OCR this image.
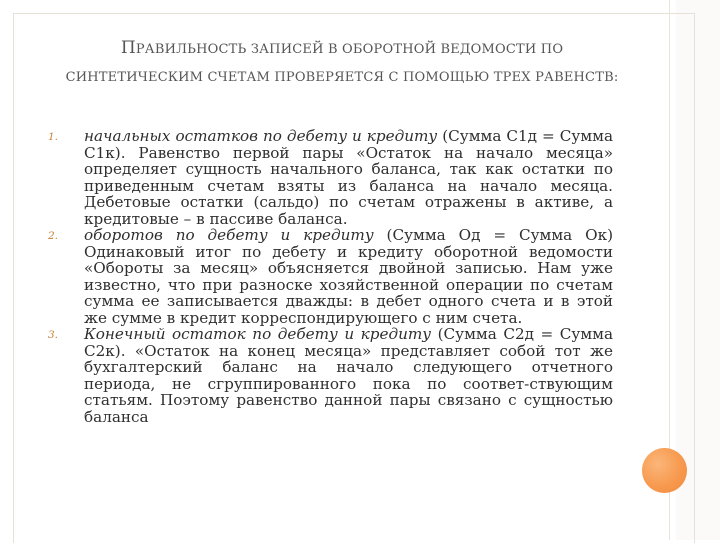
ПРАВИЛЬНОСТЬ ЗАПИСЕЙ В ОБОРОТНОЙ ВЕДОМОСТИ ПО
СИНТЕТИЧЕСКИМ СЧЕТАМ ПРОВЕРЯЕТСЯ С ПОМОЩЬЮ ТРЕХ РАВЕНСТВ:
1. начальных остатков по дебету и кредиту (Сумма С1д = Сумма С1к). Равенство первой пары «Остаток на начало месяца» определяет сущность начального баланса, так как остатки по приведенным счетам взяты из баланса на начало месяца. Дебетовые остатки (сальдо) по счетам отражены в активе, а кредитовые – в пассиве баланса.
2. оборотов по дебету и кредиту (Сумма Од = Сумма Ок) Одинаковый итог по дебету и кредиту оборотной ведомости «Обороты за месяц» объясняется двойной записью. Нам уже известно, что при разноске хозяйственной операции по счетам сумма ее записывается дважды: в дебет одного счета и в этой же сумме в кредит корреспондирующего с ним счета.
3. Конечный остаток по дебету и кредиту (Сумма С2д = Сумма С2к). «Остаток на конец месяца» представляет собой тот же бухгалтерский баланс на начало следующего отчетного периода, не сгруппированного пока по соответ-ствующим статьям. Поэтому равенство данной пары связано с сущностью баланса
